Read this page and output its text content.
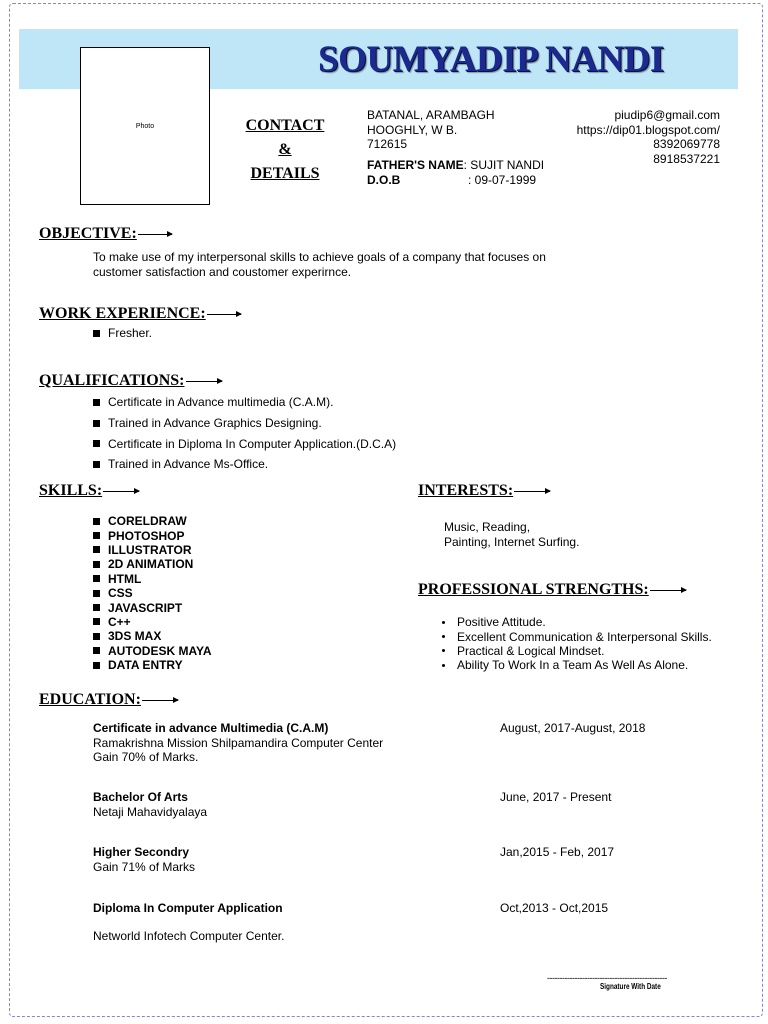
SOUMYADIP NANDI
Photo	CONTACT
&
DETAILS
BATANAL, ARAMBAGH
HOOGHLY, W B.
712615
FATHER'S NAME: SUJIT NANDI
D.O.B	: 09-07-1999
piudip6@gmail.com
https://dip01.blogspot.com/
8392069778
8918537221
OBJECTIVE:
To make use of my interpersonal skills to achieve goals of a company that focuses on
customer satisfaction and coustomer experirnce.
WORK EXPERIENCE:
Fresher.
QUALIFICATIONS:
Certificate in Advance multimedia (C.A.M).
Trained in Advance Graphics Designing.
Certificate in Diploma In Computer Application.(D.C.A)
Trained in Advance Ms-Office.
SKILLS:
CORELDRAW
PHOTOSHOP
ILLUSTRATOR
2D ANIMATION
HTML
CSS
JAVASCRIPT
C++
3DS MAX
AUTODESK MAYA
DATA ENTRY
INTERESTS:
Music, Reading,
Painting, Internet Surfing.
PROFESSIONAL STRENGTHS:
Positive Attitude.
Excellent Communication & Interpersonal Skills.
Practical & Logical Mindset.
Ability To Work In a Team As Well As Alone.
EDUCATION:
Certificate in advance Multimedia (C.A.M)
Ramakrishna Mission Shilpamandira Computer Center
Gain 70% of Marks.
August, 2017-August, 2018
Bachelor Of Arts
Netaji Mahavidyalaya
June, 2017 - Present
Higher Secondry
Gain 71% of Marks
Jan,2015 - Feb, 2017
Diploma In Computer Application
Networld Infotech Computer Center.
Oct,2013 - Oct,2015
------------------------------------------------
Signature With Date
